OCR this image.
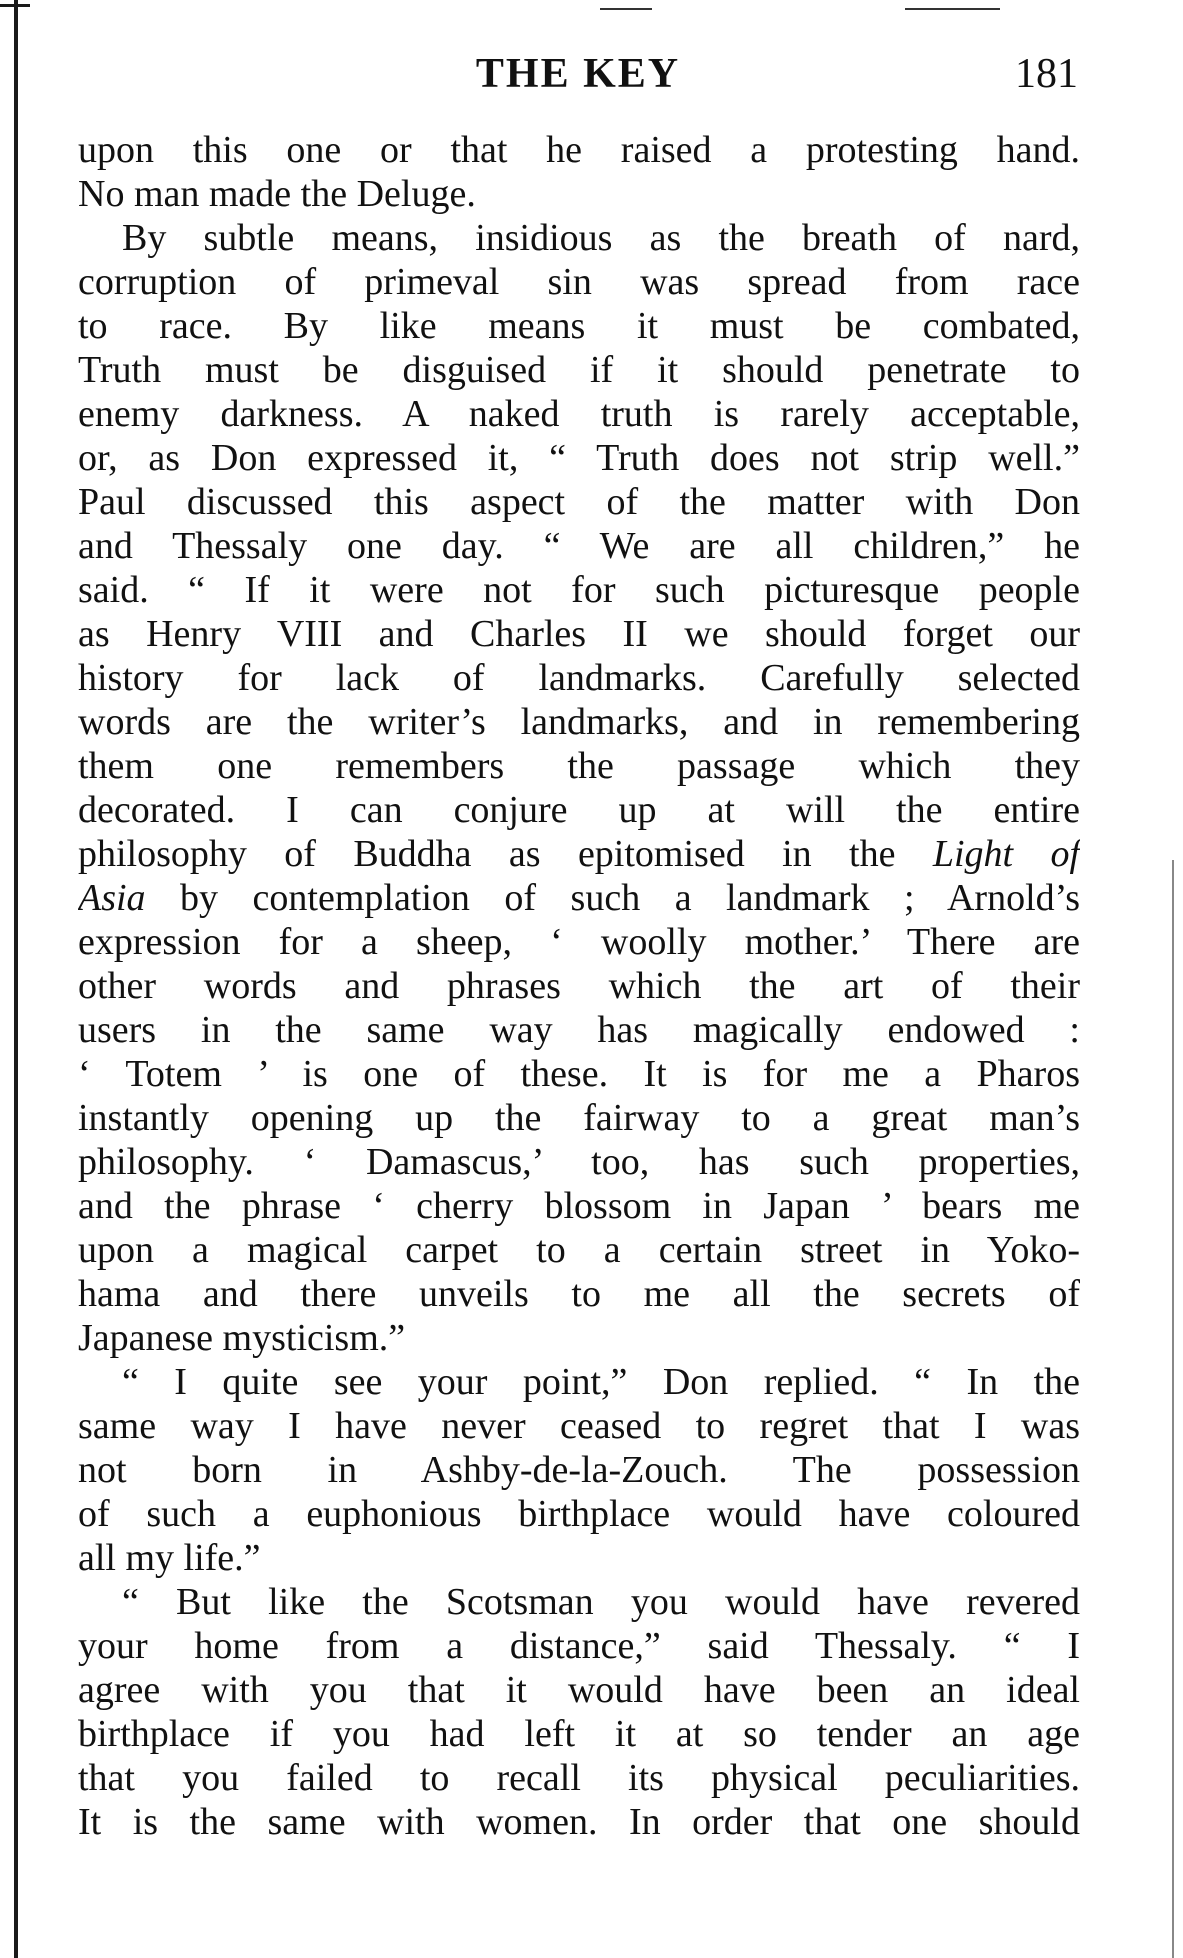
THE KEY	181
upon this one or that he raised a protesting hand.
No man made the Deluge.
By subtle means, insidious as the breath of nard,
corruption of primeval sin was spread from race
to race. By like means it must be combated,
Truth must be disguised if it should penetrate to
enemy darkness. A naked truth is rarely acceptable,
or, as Don expressed it, “ Truth does not strip well.”
Paul discussed this aspect of the matter with Don
and Thessaly one day. “ We are all children,” he
said. “ If it were not for such picturesque people
as Henry VIII and Charles II we should forget our
history for lack of landmarks. Carefully selected
words are the writer’s landmarks, and in remembering
them one remembers the passage which they
decorated. I can conjure up at will the entire
philosophy of Buddha as epitomised in the Light of
Asia by contemplation of such a landmark ; Arnold’s
expression for a sheep, ‘ woolly mother.’ There are
other words and phrases which the art of their
users in the same way has magically endowed :
‘ Totem ’ is one of these. It is for me a Pharos
instantly opening up the fairway to a great man’s
philosophy. ‘ Damascus,’ too, has such properties,
and the phrase ‘ cherry blossom in Japan ’ bears me
upon a magical carpet to a certain street in Yoko-
hama and there unveils to me all the secrets of
Japanese mysticism.”
“ I quite see your point,” Don replied. “ In the
same way I have never ceased to regret that I was
not born in Ashby-de-la-Zouch. The possession
of such a euphonious birthplace would have coloured
all my life.”
“ But like the Scotsman you would have revered
your home from a distance,” said Thessaly. “ I
agree with you that it would have been an ideal
birthplace if you had left it at so tender an age
that you failed to recall its physical peculiarities.
It is the same with women. In order that one should
